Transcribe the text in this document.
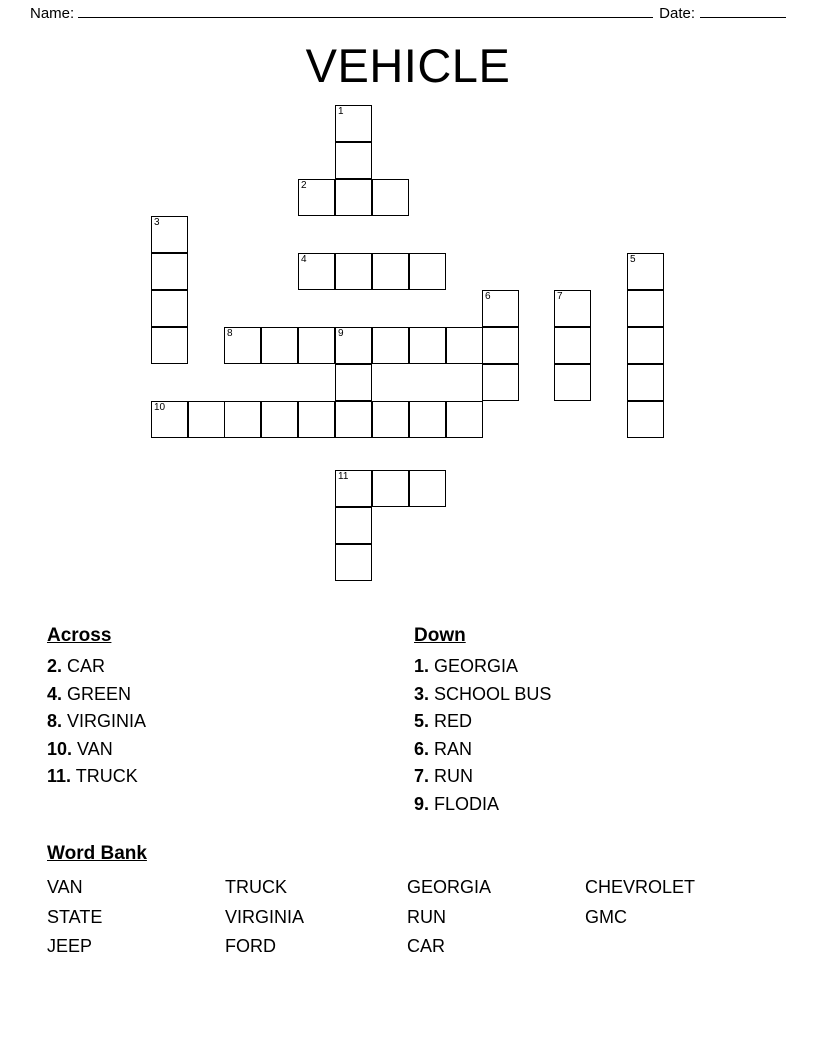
Name:	Date:
VEHICLE
1
2
3
4	5
6	7
8	9
10
11
Across
2. CAR
4. GREEN
8. VIRGINIA
10. VAN
11. TRUCK
Down
1. GEORGIA
3. SCHOOL BUS
5. RED
6. RAN
7. RUN
9. FLODIA
Word Bank
VAN	TRUCK	GEORGIA	CHEVROLET
STATE	VIRGINIA	RUN	GMC
JEEP	FORD	CAR
